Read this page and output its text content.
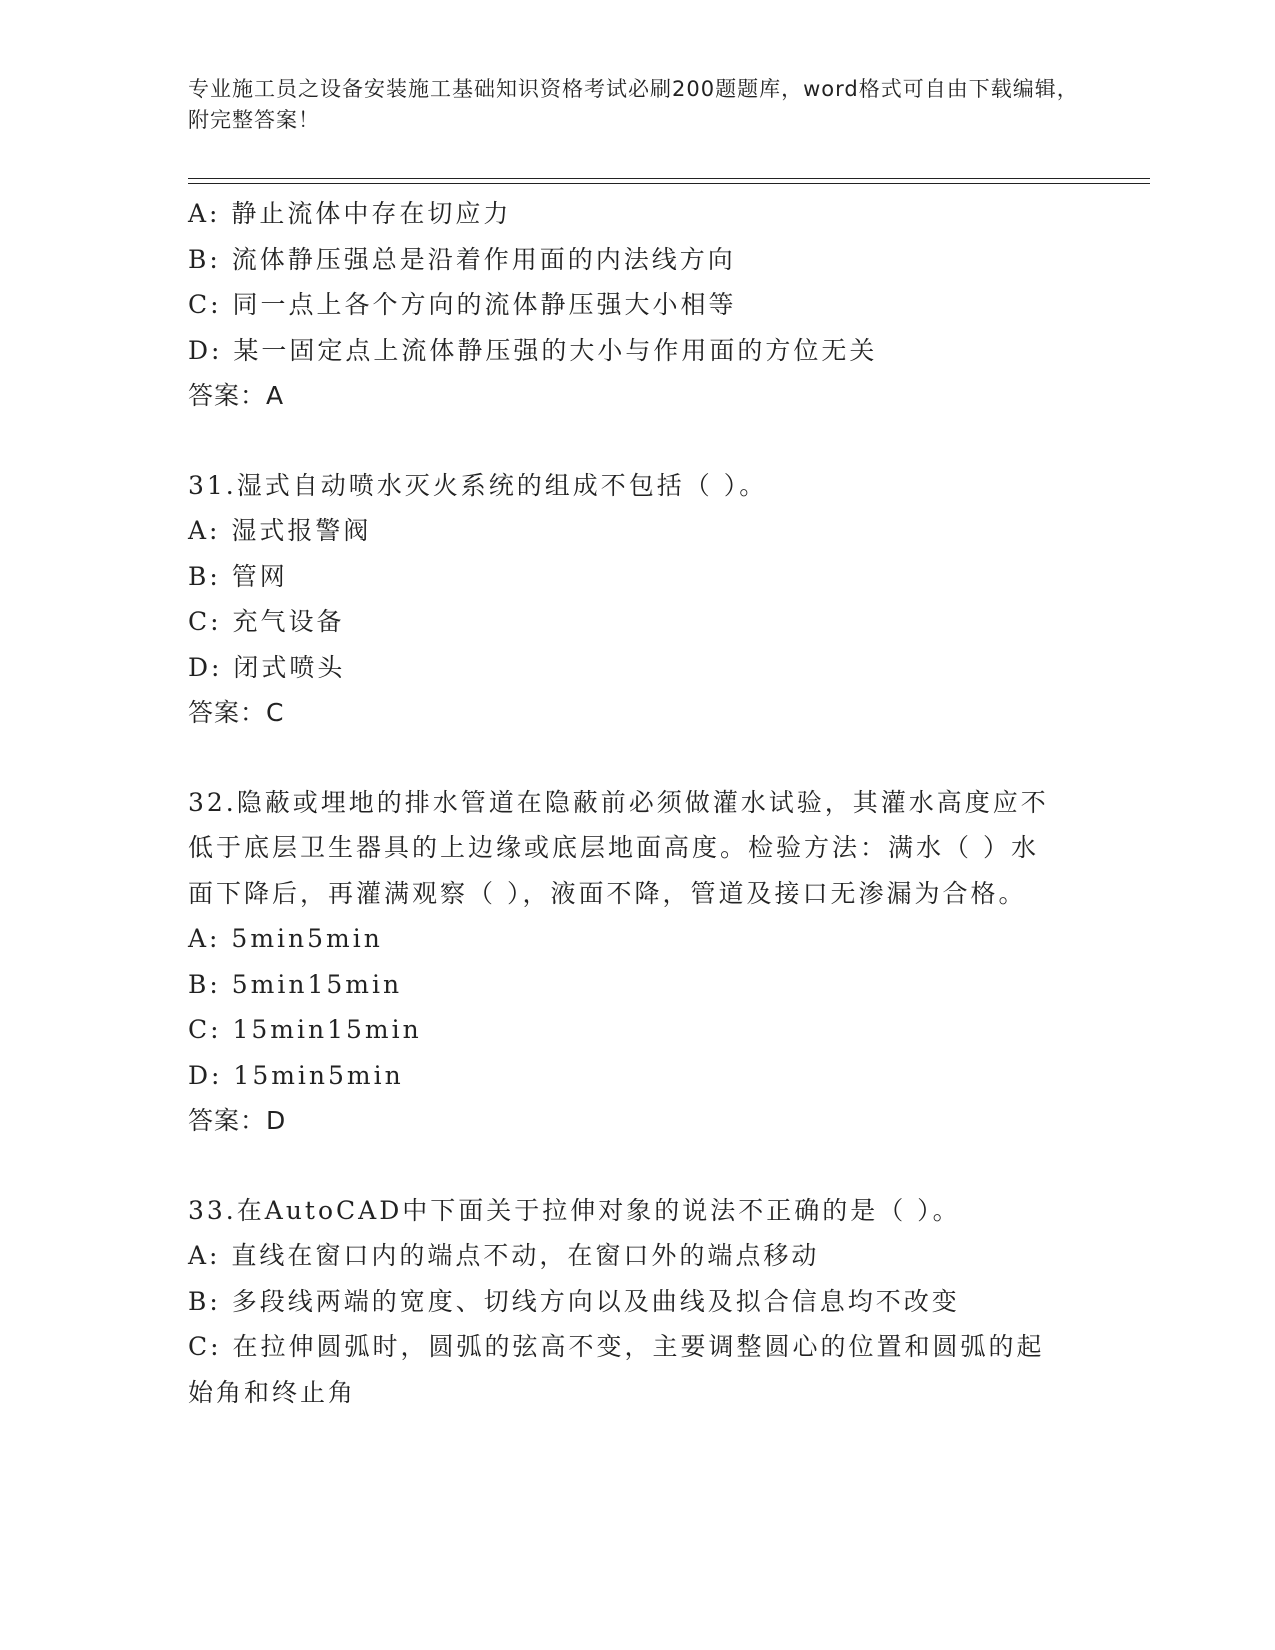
专业施工员之设备安装施工基础知识资格考试必刷200题题库，word格式可自由下载编辑，附完整答案！
A: 静止流体中存在切应力
B: 流体静压强总是沿着作用面的内法线方向
C: 同一点上各个方向的流体静压强大小相等
D: 某一固定点上流体静压强的大小与作用面的方位无关
答案：A
31.湿式自动喷水灭火系统的组成不包括（ ）。
A: 湿式报警阀
B: 管网
C: 充气设备
D: 闭式喷头
答案：C
32.隐蔽或埋地的排水管道在隐蔽前必须做灌水试验，其灌水高度应不
低于底层卫生器具的上边缘或底层地面高度。检验方法：满水（ ）水
面下降后，再灌满观察（ ），液面不降，管道及接口无渗漏为合格。
A: 5min5min
B: 5min15min
C: 15min15min
D: 15min5min
答案：D
33.在AutoCAD中下面关于拉伸对象的说法不正确的是（ ）。
A: 直线在窗口内的端点不动，在窗口外的端点移动
B: 多段线两端的宽度、切线方向以及曲线及拟合信息均不改变
C: 在拉伸圆弧时，圆弧的弦高不变，主要调整圆心的位置和圆弧的起
始角和终止角
